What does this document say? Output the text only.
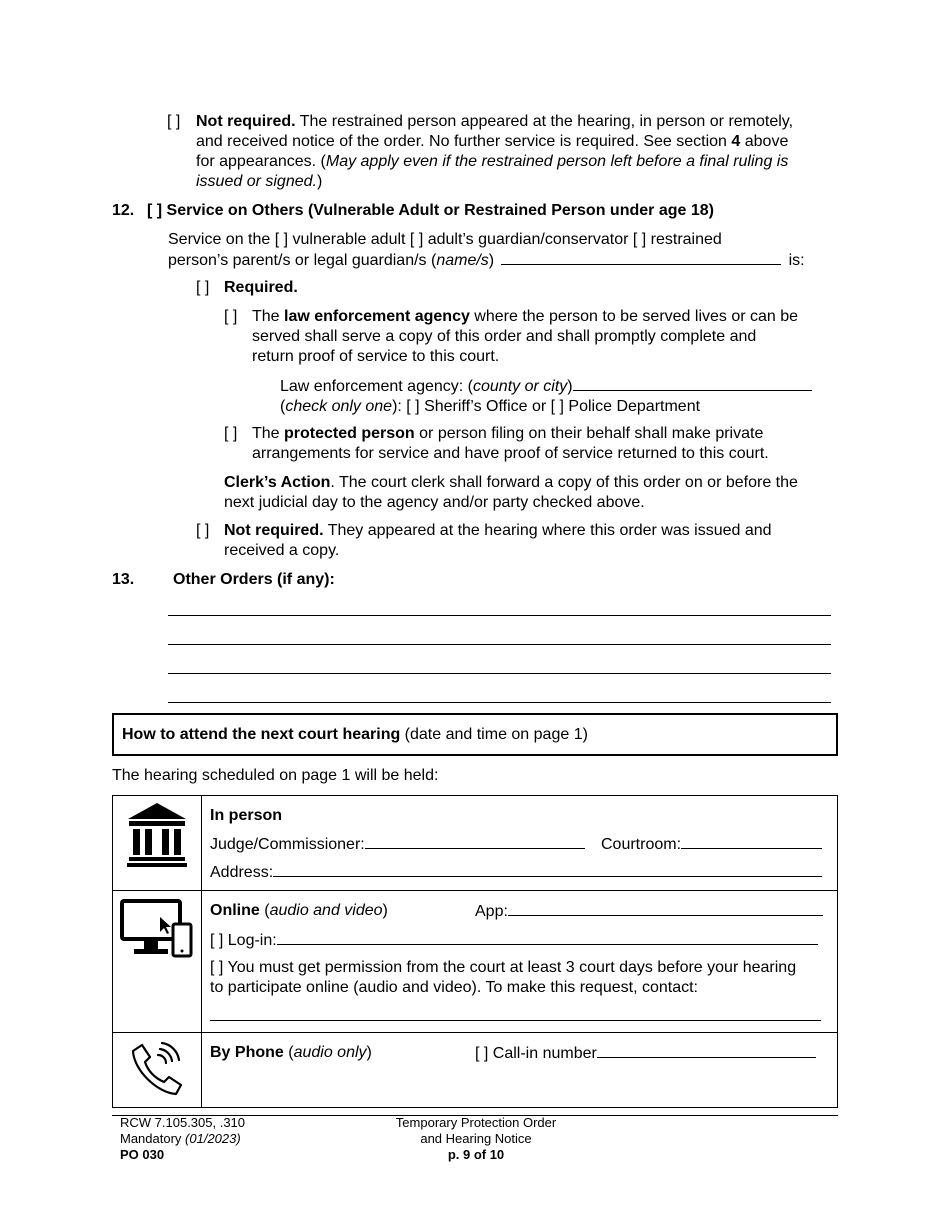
[ ] Not required. The restrained person appeared at the hearing, in person or remotely,
and received notice of the order. No further service is required. See section 4 above
for appearances. (May apply even if the restrained person left before a final ruling is
issued or signed.)
12. [ ] Service on Others (Vulnerable Adult or Restrained Person under age 18)
Service on the [ ] vulnerable adult [ ] adult’s guardian/conservator [ ] restrained
person’s parent/s or legal guardian/s (name/s)	is:
[ ] Required.
[ ] The law enforcement agency where the person to be served lives or can be
served shall serve a copy of this order and shall promptly complete and
return proof of service to this court.
Law enforcement agency: (county or city)
(check only one): [ ] Sheriff’s Office or [ ] Police Department
[ ] The protected person or person filing on their behalf shall make private
arrangements for service and have proof of service returned to this court.
Clerk’s Action. The court clerk shall forward a copy of this order on or before the
next judicial day to the agency and/or party checked above.
[ ] Not required. They appeared at the hearing where this order was issued and
received a copy.
13. Other Orders (if any):
How to attend the next court hearing (date and time on page 1)
The hearing scheduled on page 1 will be held:
In person
Judge/Commissioner:	Courtroom:
Address:
Online (audio and video)	App:
[ ] Log-in:
[ ] You must get permission from the court at least 3 court days before your hearing
to participate online (audio and video). To make this request, contact:
By Phone (audio only)	[ ] Call-in number
RCW 7.105.305, .310
Mandatory (01/2023)
PO 030
Temporary Protection Order
and Hearing Notice
p. 9 of 10
